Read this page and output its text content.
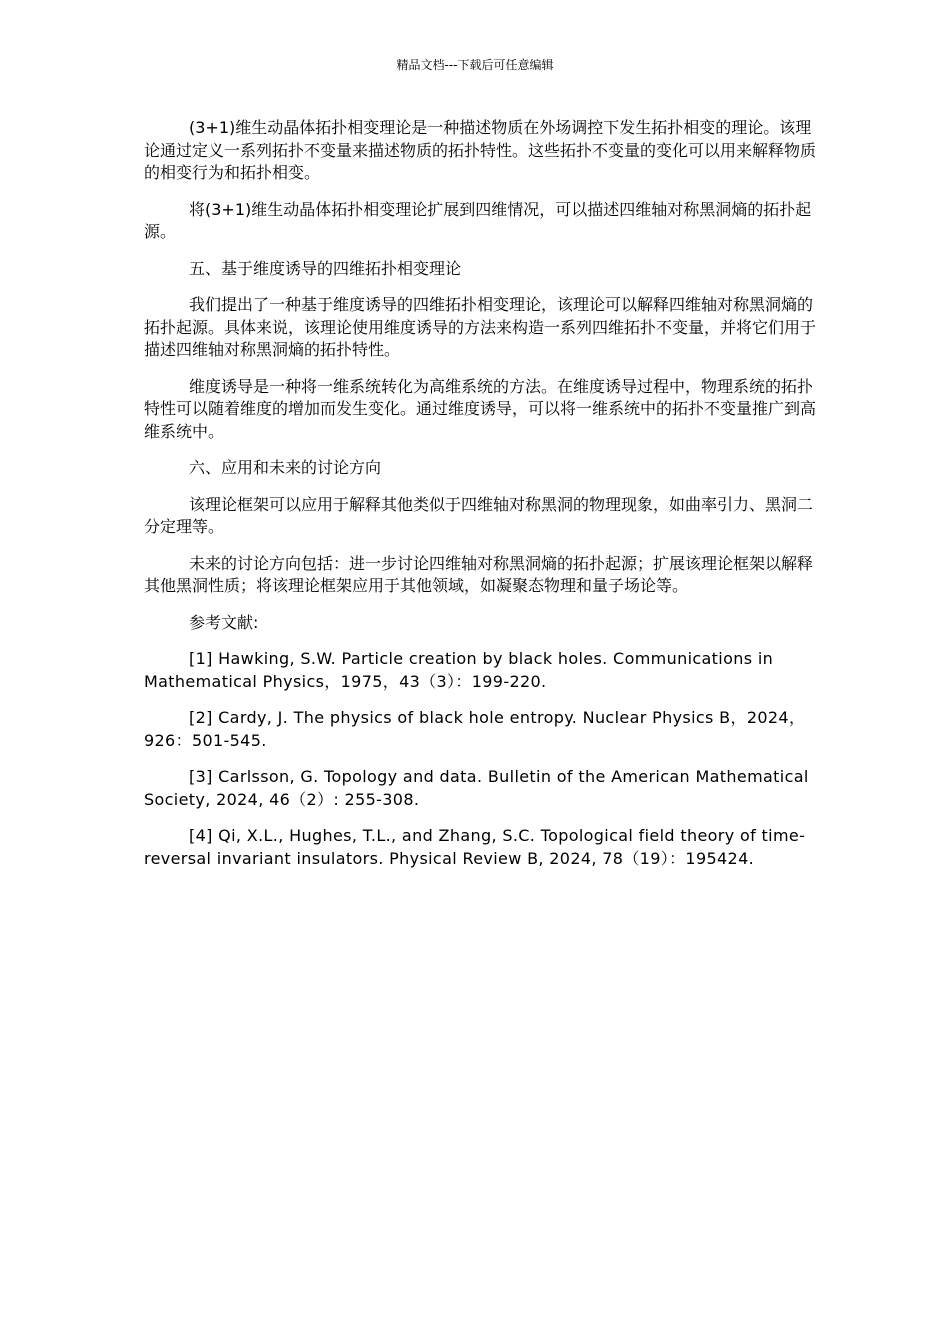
精品文档---下载后可任意编辑

(3+1)维生动晶体拓扑相变理论是一种描述物质在外场调控下发生拓扑相变的理论。该理论通过定义一系列拓扑不变量来描述物质的拓扑特性。这些拓扑不变量的变化可以用来解释物质的相变行为和拓扑相变。

将(3+1)维生动晶体拓扑相变理论扩展到四维情况，可以描述四维轴对称黑洞熵的拓扑起源。

五、基于维度诱导的四维拓扑相变理论

我们提出了一种基于维度诱导的四维拓扑相变理论，该理论可以解释四维轴对称黑洞熵的拓扑起源。具体来说，该理论使用维度诱导的方法来构造一系列四维拓扑不变量，并将它们用于描述四维轴对称黑洞熵的拓扑特性。

维度诱导是一种将一维系统转化为高维系统的方法。在维度诱导过程中，物理系统的拓扑特性可以随着维度的增加而发生变化。通过维度诱导，可以将一维系统中的拓扑不变量推广到高维系统中。

六、应用和未来的讨论方向

该理论框架可以应用于解释其他类似于四维轴对称黑洞的物理现象，如曲率引力、黑洞二分定理等。

未来的讨论方向包括：进一步讨论四维轴对称黑洞熵的拓扑起源；扩展该理论框架以解释其他黑洞性质；将该理论框架应用于其他领域，如凝聚态物理和量子场论等。

参考文献:

[1] Hawking, S.W. Particle creation by black holes. Communications in Mathematical Physics，1975，43（3）：199-220.

[2] Cardy, J. The physics of black hole entropy. Nuclear Physics B，2024，926：501-545.

[3] Carlsson, G. Topology and data. Bulletin of the American Mathematical Society, 2024, 46（2）: 255-308.

[4] Qi, X.L., Hughes, T.L., and Zhang, S.C. Topological field theory of time-reversal invariant insulators. Physical Review B, 2024, 78（19）：195424.
